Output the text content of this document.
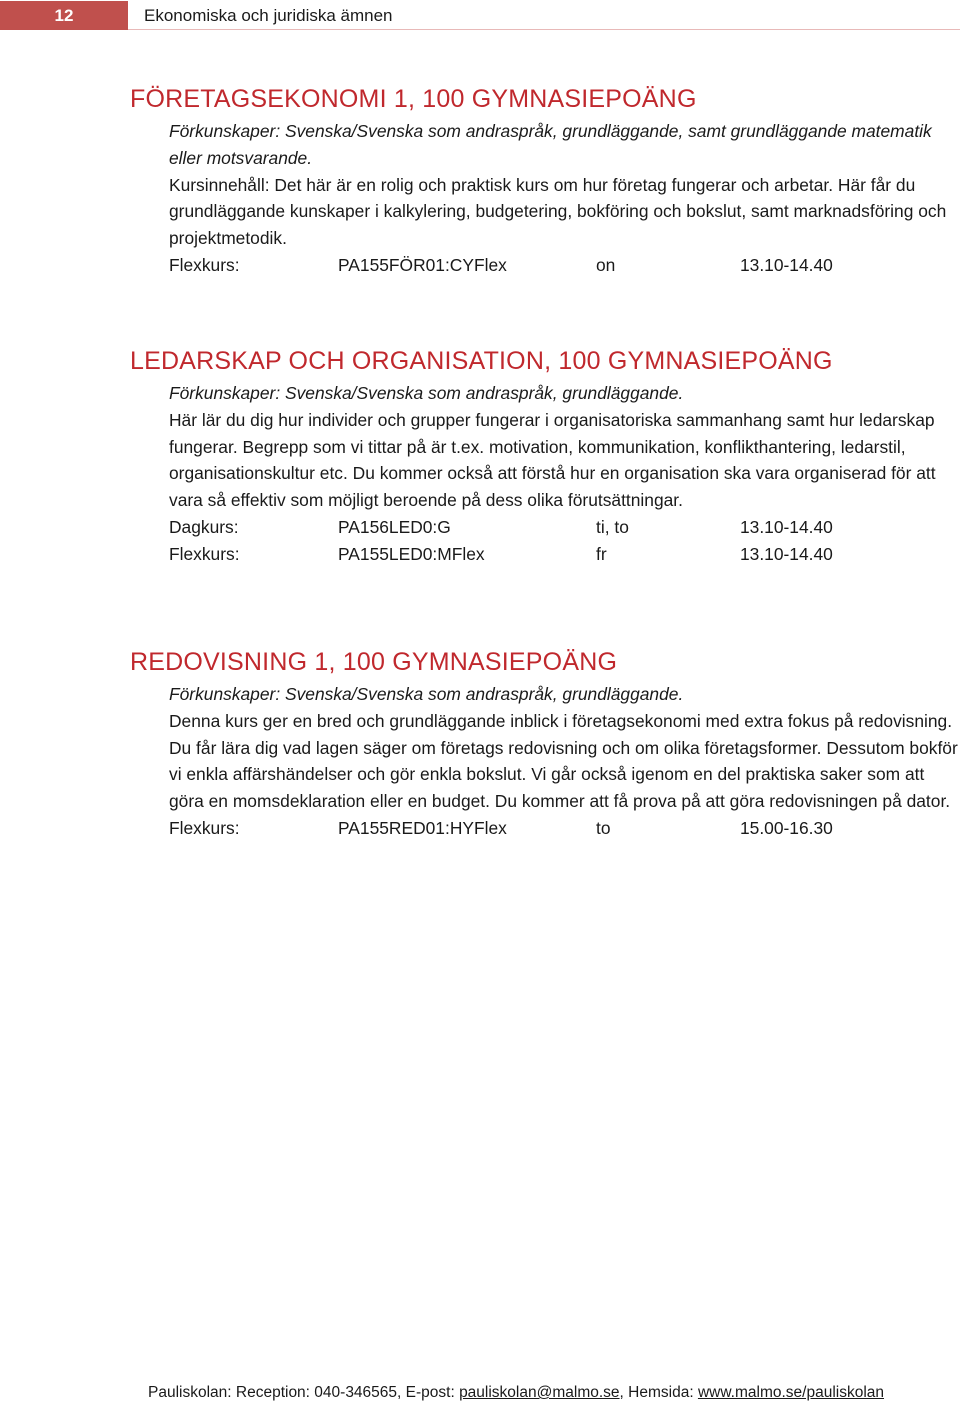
12	Ekonomiska och juridiska ämnen
FÖRETAGSEKONOMI 1, 100 GYMNASIEPOÄNG

Förkunskaper: Svenska/Svenska som andraspråk, grundläggande, samt grundläggande matematik eller motsvarande.

Kursinnehåll: Det här är en rolig och praktisk kurs om hur företag fungerar och arbetar. Här får du grundläggande kunskaper i kalkylering, budgetering, bokföring och bokslut, samt marknadsföring och projektmetodik.

Flexkurs:	PA155FÖR01:CYFlex	on	13.10-14.40
LEDARSKAP OCH ORGANISATION, 100 GYMNASIEPOÄNG

Förkunskaper: Svenska/Svenska som andraspråk, grundläggande.

Här lär du dig hur individer och grupper fungerar i organisatoriska sammanhang samt hur ledarskap fungerar. Begrepp som vi tittar på är t.ex. motivation, kommunikation, konflikthantering, ledarstil, organisationskultur etc. Du kommer också att förstå hur en organisation ska vara organiserad för att vara så effektiv som möjligt beroende på dess olika förutsättningar.

Dagkurs:	PA156LED0:G	ti, to	13.10-14.40
Flexkurs:	PA155LED0:MFlex	fr	13.10-14.40
REDOVISNING 1, 100 GYMNASIEPOÄNG

Förkunskaper: Svenska/Svenska som andraspråk, grundläggande.

Denna kurs ger en bred och grundläggande inblick i företagsekonomi med extra fokus på redovisning. Du får lära dig vad lagen säger om företags redovisning och om olika företagsformer. Dessutom bokför vi enkla affärshändelser och gör enkla bokslut. Vi går också igenom en del praktiska saker som att göra en momsdeklaration eller en budget. Du kommer att få prova på att göra redovisningen på dator.

Flexkurs:	PA155RED01:HYFlex	to	15.00-16.30
Pauliskolan: Reception: 040-346565, E-post: pauliskolan@malmo.se, Hemsida: www.malmo.se/pauliskolan
